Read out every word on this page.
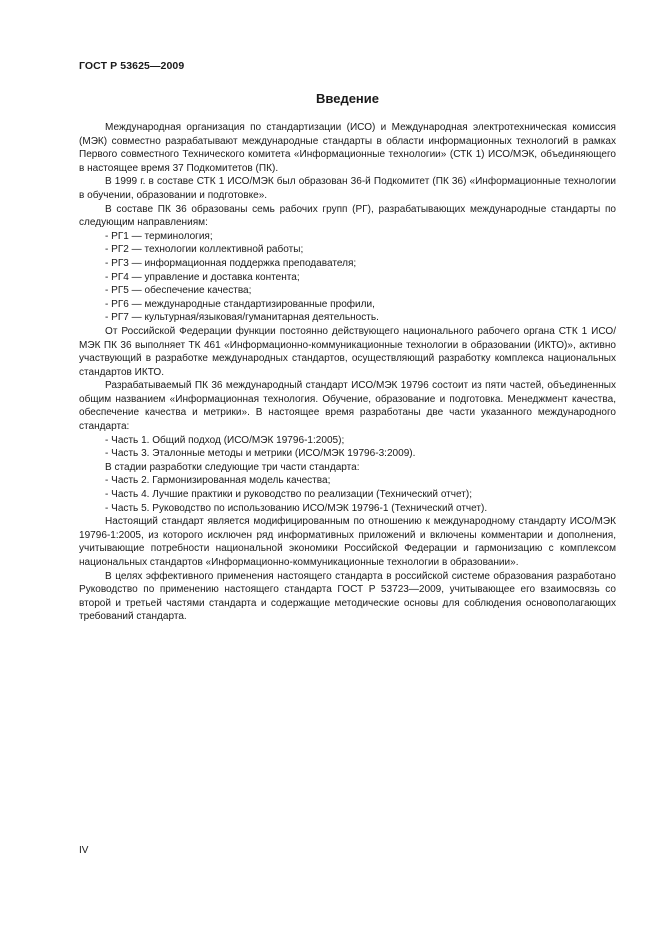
ГОСТ Р 53625—2009
Введение

Международная организация по стандартизации (ИСО) и Международная электротехническая комиссия (МЭК) совместно разрабатывают международные стандарты в области информационных технологий в рамках Первого совместного Технического комитета «Информационные технологии» (СТК 1) ИСО/МЭК, объединяющего в настоящее время 37 Подкомитетов (ПК).

В 1999 г. в составе СТК 1 ИСО/МЭК был образован 36-й Подкомитет (ПК 36) «Информационные технологии в обучении, образовании и подготовке».

В составе ПК 36 образованы семь рабочих групп (РГ), разрабатывающих международные стандарты по следующим направлениям:

- РГ1 — терминология;
- РГ2 — технологии коллективной работы;
- РГ3 — информационная поддержка преподавателя;
- РГ4 — управление и доставка контента;
- РГ5 — обеспечение качества;
- РГ6 — международные стандартизированные профили,
- РГ7 — культурная/языковая/гуманитарная деятельность.

От Российской Федерации функции постоянно действующего национального рабочего органа СТК 1 ИСО/МЭК ПК 36 выполняет ТК 461 «Информационно-коммуникационные технологии в образовании (ИКТО)», активно участвующий в разработке международных стандартов, осуществляющий разработку комплекса национальных стандартов ИКТО.

Разрабатываемый ПК 36 международный стандарт ИСО/МЭК 19796 состоит из пяти частей, объединенных общим названием «Информационная технология. Обучение, образование и подготовка. Менеджмент качества, обеспечение качества и метрики». В настоящее время разработаны две части указанного международного стандарта:

- Часть 1. Общий подход (ИСО/МЭК 19796-1:2005);
- Часть 3. Эталонные методы и метрики (ИСО/МЭК 19796-3:2009).

В стадии разработки следующие три части стандарта:

- Часть 2. Гармонизированная модель качества;
- Часть 4. Лучшие практики и руководство по реализации (Технический отчет);
- Часть 5. Руководство по использованию ИСО/МЭК 19796-1 (Технический отчет).

Настоящий стандарт является модифицированным по отношению к международному стандарту ИСО/МЭК 19796-1:2005, из которого исключен ряд информативных приложений и включены комментарии и дополнения, учитывающие потребности национальной экономики Российской Федерации и гармонизацию с комплексом национальных стандартов «Информационно-коммуникационные технологии в образовании».

В целях эффективного применения настоящего стандарта в российской системе образования разработано Руководство по применению настоящего стандарта ГОСТ Р 53723—2009, учитывающее его взаимосвязь со второй и третьей частями стандарта и содержащие методические основы для соблюдения основополагающих требований стандарта.

IV
